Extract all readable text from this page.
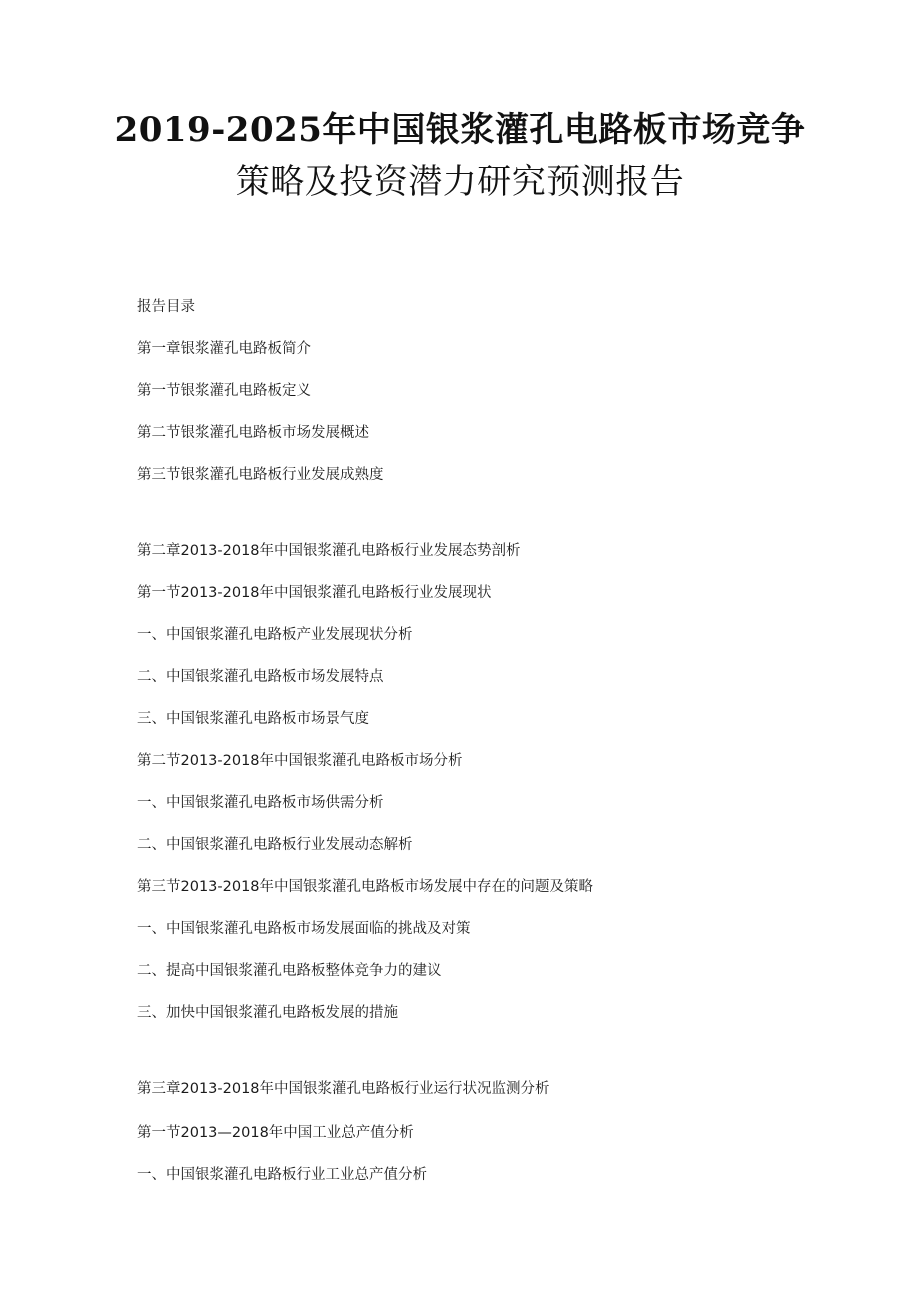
2019-2025年中国银浆灌孔电路板市场竞争
策略及投资潜力研究预测报告
报告目录
第一章银浆灌孔电路板简介
第一节银浆灌孔电路板定义
第二节银浆灌孔电路板市场发展概述
第三节银浆灌孔电路板行业发展成熟度
第二章2013-2018年中国银浆灌孔电路板行业发展态势剖析
第一节2013-2018年中国银浆灌孔电路板行业发展现状
一、中国银浆灌孔电路板产业发展现状分析
二、中国银浆灌孔电路板市场发展特点
三、中国银浆灌孔电路板市场景气度
第二节2013-2018年中国银浆灌孔电路板市场分析
一、中国银浆灌孔电路板市场供需分析
二、中国银浆灌孔电路板行业发展动态解析
第三节2013-2018年中国银浆灌孔电路板市场发展中存在的问题及策略
一、中国银浆灌孔电路板市场发展面临的挑战及对策
二、提高中国银浆灌孔电路板整体竞争力的建议
三、加快中国银浆灌孔电路板发展的措施
第三章2013-2018年中国银浆灌孔电路板行业运行状况监测分析
第一节2013—2018年中国工业总产值分析
一、中国银浆灌孔电路板行业工业总产值分析
